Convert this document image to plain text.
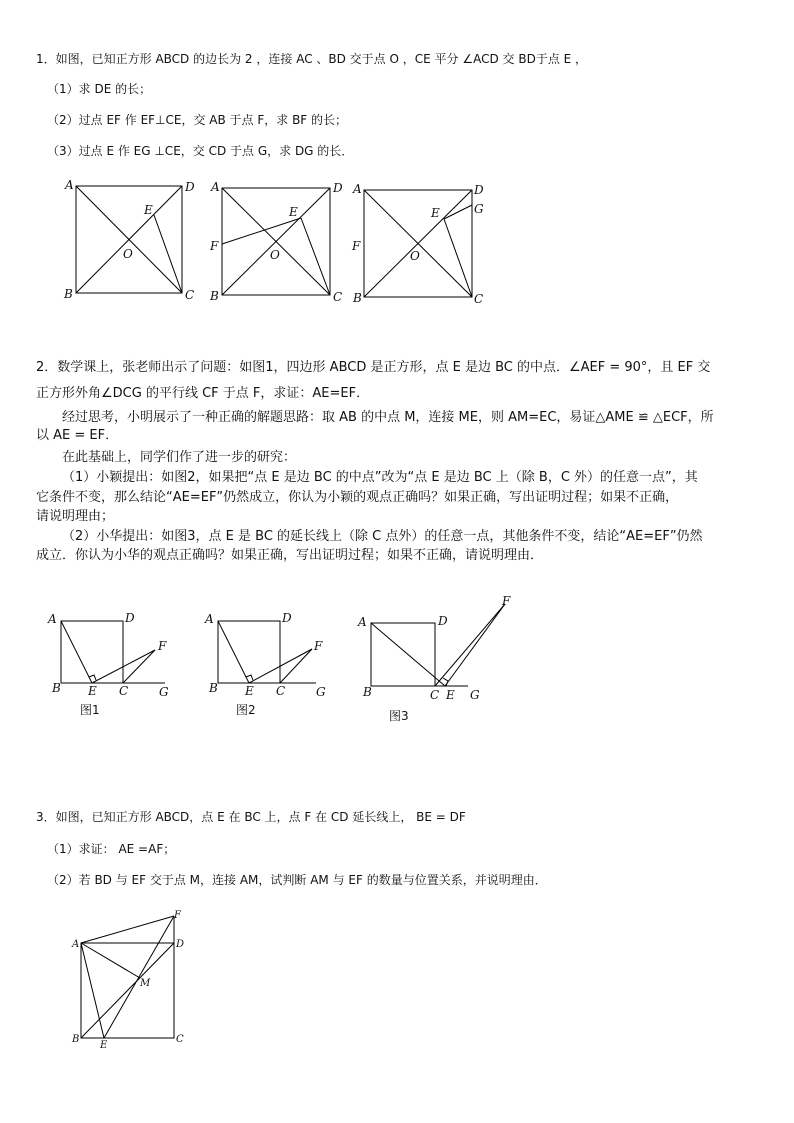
1．如图，已知正方形 ABCD 的边长为 2 ，连接 AC 、BD 交于点 O ，CE 平分 ∠ACD 交 BD于点 E ，
（1）求 DE 的长；
（2）过点 EF 作 EF⊥CE，交 AB 于点 F，求 BF 的长；
（3）过点 E 作 EG ⊥CE，交 CD 于点 G，求 DG 的长．
A	D
B	C
E
O
A	D
F
E
O
B	C
A	D
G
E
F
O
B	C
2．数学课上，张老师出示了问题：如图1，四边形 ABCD 是正方形，点 E 是边 BC 的中点．∠AEF = 90°，且 EF 交
正方形外角∠DCG 的平行线 CF 于点 F，求证：AE=EF．
经过思考，小明展示了一种正确的解题思路：取 AB 的中点 M，连接 ME，则 AM=EC，易证△AME ≌ △ECF，所
以 AE = EF．
在此基础上，同学们作了进一步的研究：
（1）小颖提出：如图2，如果把“点 E 是边 BC 的中点”改为“点 E 是边 BC 上（除 B，C 外）的任意一点”，其
它条件不变，那么结论“AE=EF”仍然成立，你认为小颖的观点正确吗？如果正确，写出证明过程；如果不正确，
请说明理由；
（2）小华提出：如图3，点 E 是 BC 的延长线上（除 C 点外）的任意一点，其他条件不变，结论“AE=EF”仍然
成立．你认为小华的观点正确吗？如果正确，写出证明过程；如果不正确，请说明理由．
A	D
F
B E C	G
图1
A	D
F
B E C	G
图2
A	D
F
B	C E G
图3
3．如图，已知正方形 ABCD，点 E 在 BC 上，点 F 在 CD 延长线上， BE = DF
（1）求证： AE =AF；
（2）若 BD 与 EF 交于点 M，连接 AM，试判断 AM 与 EF 的数量与位置关系，并说明理由．
A	D
F
M
B
E
C
